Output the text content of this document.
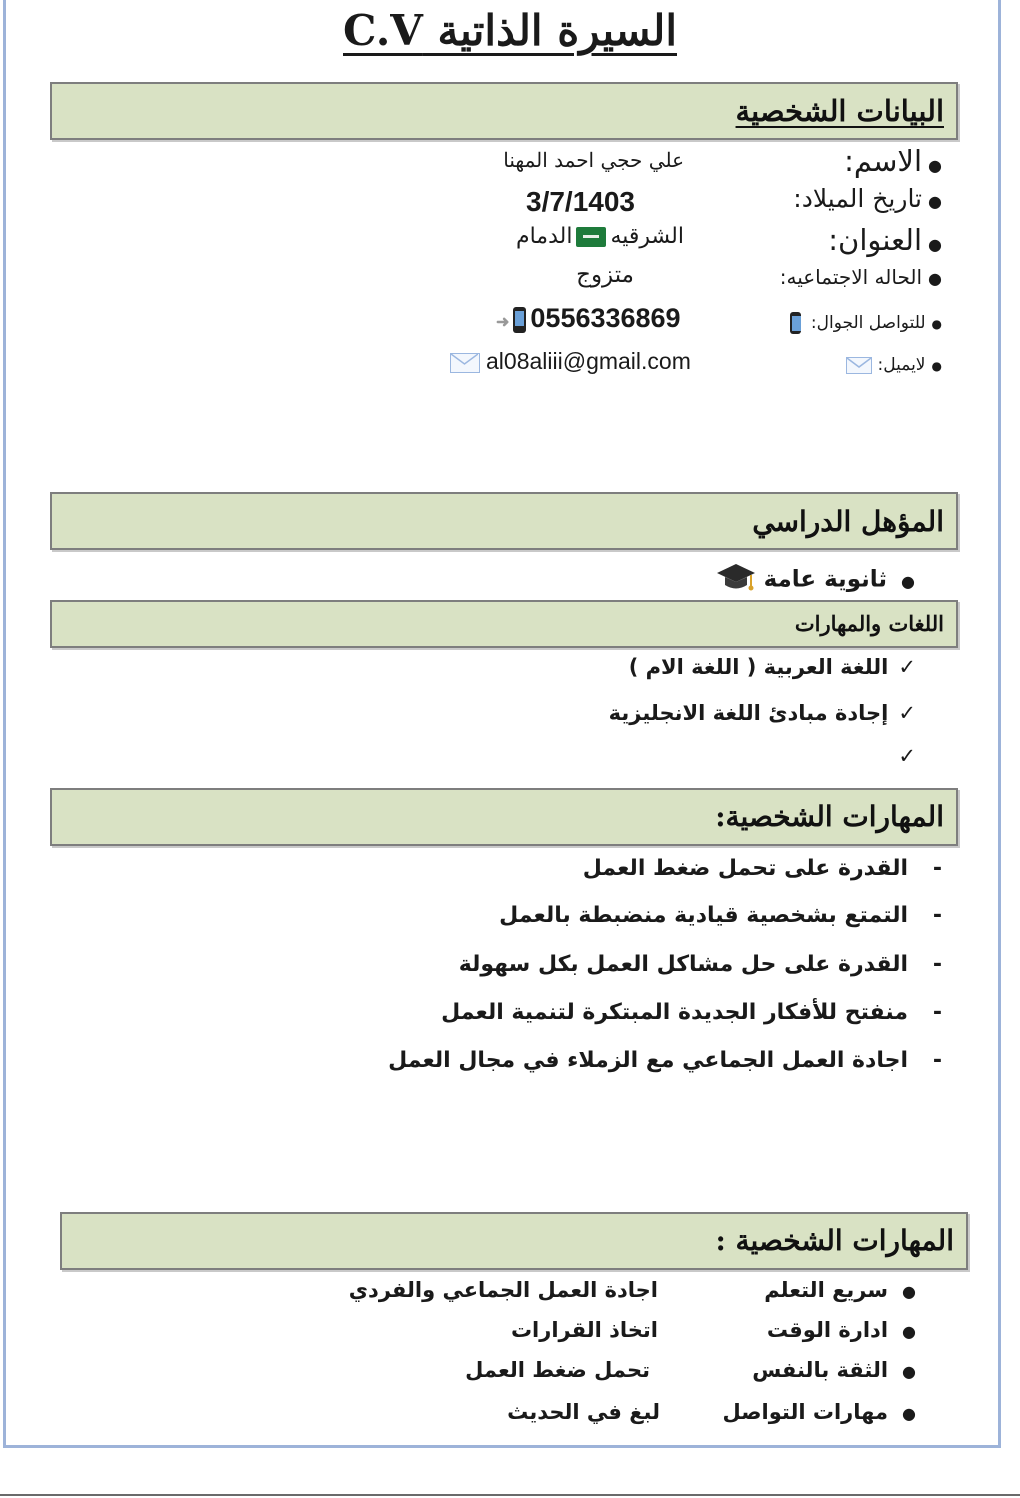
السيرة الذاتية C.V
البيانات الشخصية
●الاسم:
●تاريخ الميلاد:
●العنوان:
●الحاله الاجتماعيه:
●للتواصل الجوال:
●لايميل:
علي حجي احمد المهنا
3/7/1403
الشرقيهالدمام
متزوج
➜ 0556336869
al08aliii@gmail.com
المؤهل الدراسي
●ثانوية عامة
اللغات والمهارات
✓اللغة العربية ( اللغة الام )
✓إجادة مبادئ اللغة الانجليزية
✓
المهارات الشخصية:
-القدرة على تحمل ضغط العمل
-التمتع بشخصية قيادية منضبطة بالعمل
-القدرة على حل مشاكل العمل بكل سهولة
-منفتح للأفكار الجديدة المبتكرة لتنمية العمل
-اجادة العمل الجماعي مع الزملاء في مجال العمل
المهارات الشخصية :
●سريع التعلم
●ادارة الوقت
●الثقة بالنفس
●مهارات التواصل
اجادة العمل الجماعي والفردي
اتخاذ القرارات
تحمل ضغط العمل
لبغ في الحديث
